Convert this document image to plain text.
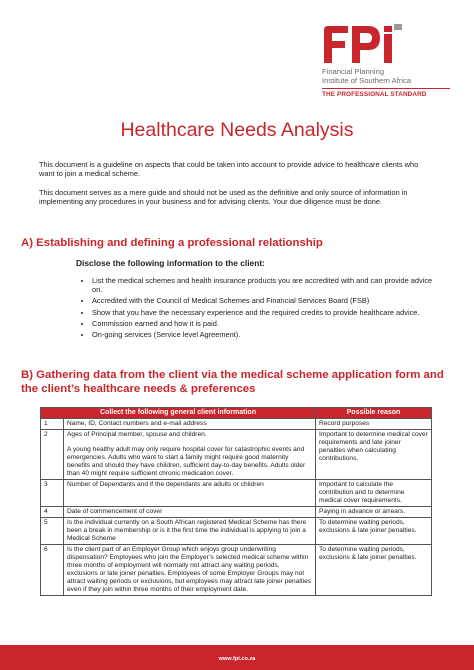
Financial Planning
Institute of Southern Africa
THE PROFESSIONAL STANDARD
Healthcare Needs Analysis
This document is a guideline on aspects that could be taken into account to provide advice to healthcare clients who want to join a medical scheme.
This document serves as a mere guide and should not be used as the definitive and only source of information in implementing any procedures in your business and for advising clients. Your due diligence must be done.
A) Establishing and defining a professional relationship
Disclose the following information to the client:
• List the medical schemes and health insurance products you are accredited with and can provide advice on.
• Accredited with the Council of Medical Schemes and Financial Services Board (FSB)
• Show that you have the necessary experience and the required credits to provide healthcare advice.
• Commission earned and how it is paid.
• On-going services (Service level Agreement).
B) Gathering data from the client via the medical scheme application form and the client’s healthcare needs & preferences
Collect the following general client information		Possible reason
1	Name, ID, Contact numbers and e-mail address	Record purposes
2	Ages of Principal member, spouse and children.
A young healthy adult may only require hospital cover for catastrophic events and emergencies. Adults who want to start a family might require good maternity benefits and should they have children, sufficient day-to-day benefits. Adults older than 40 might require sufficient chronic medication cover.	Important to determine medical cover requirements and late joiner penalties when calculating contributions.
3	Number of Dependants and if the dependants are adults or children	Important to calculate the contribution and to determine medical cover requirements.
4	Date of commencement of cover	Paying in advance or arrears.
5	Is the individual currently on a South African registered Medical Scheme has there been a break in membership or is it the first time the individual is applying to join a Medical Scheme	To determine waiting periods, exclusions & late joiner penalties.
6	Is the client part of an Employer Group which enjoys group underwriting dispensation? Employees who join the Employer’s selected medical scheme within three months of employment will normally not attract any waiting periods, exclusions or late joiner penalties. Employees of some Employer Groups may not attract waiting periods or exclusions, but employees may attract late joiner penalties even if they join within three months of their employment date.	To determine waiting periods, exclusions & late joiner penalties.
www.fpi.co.za
